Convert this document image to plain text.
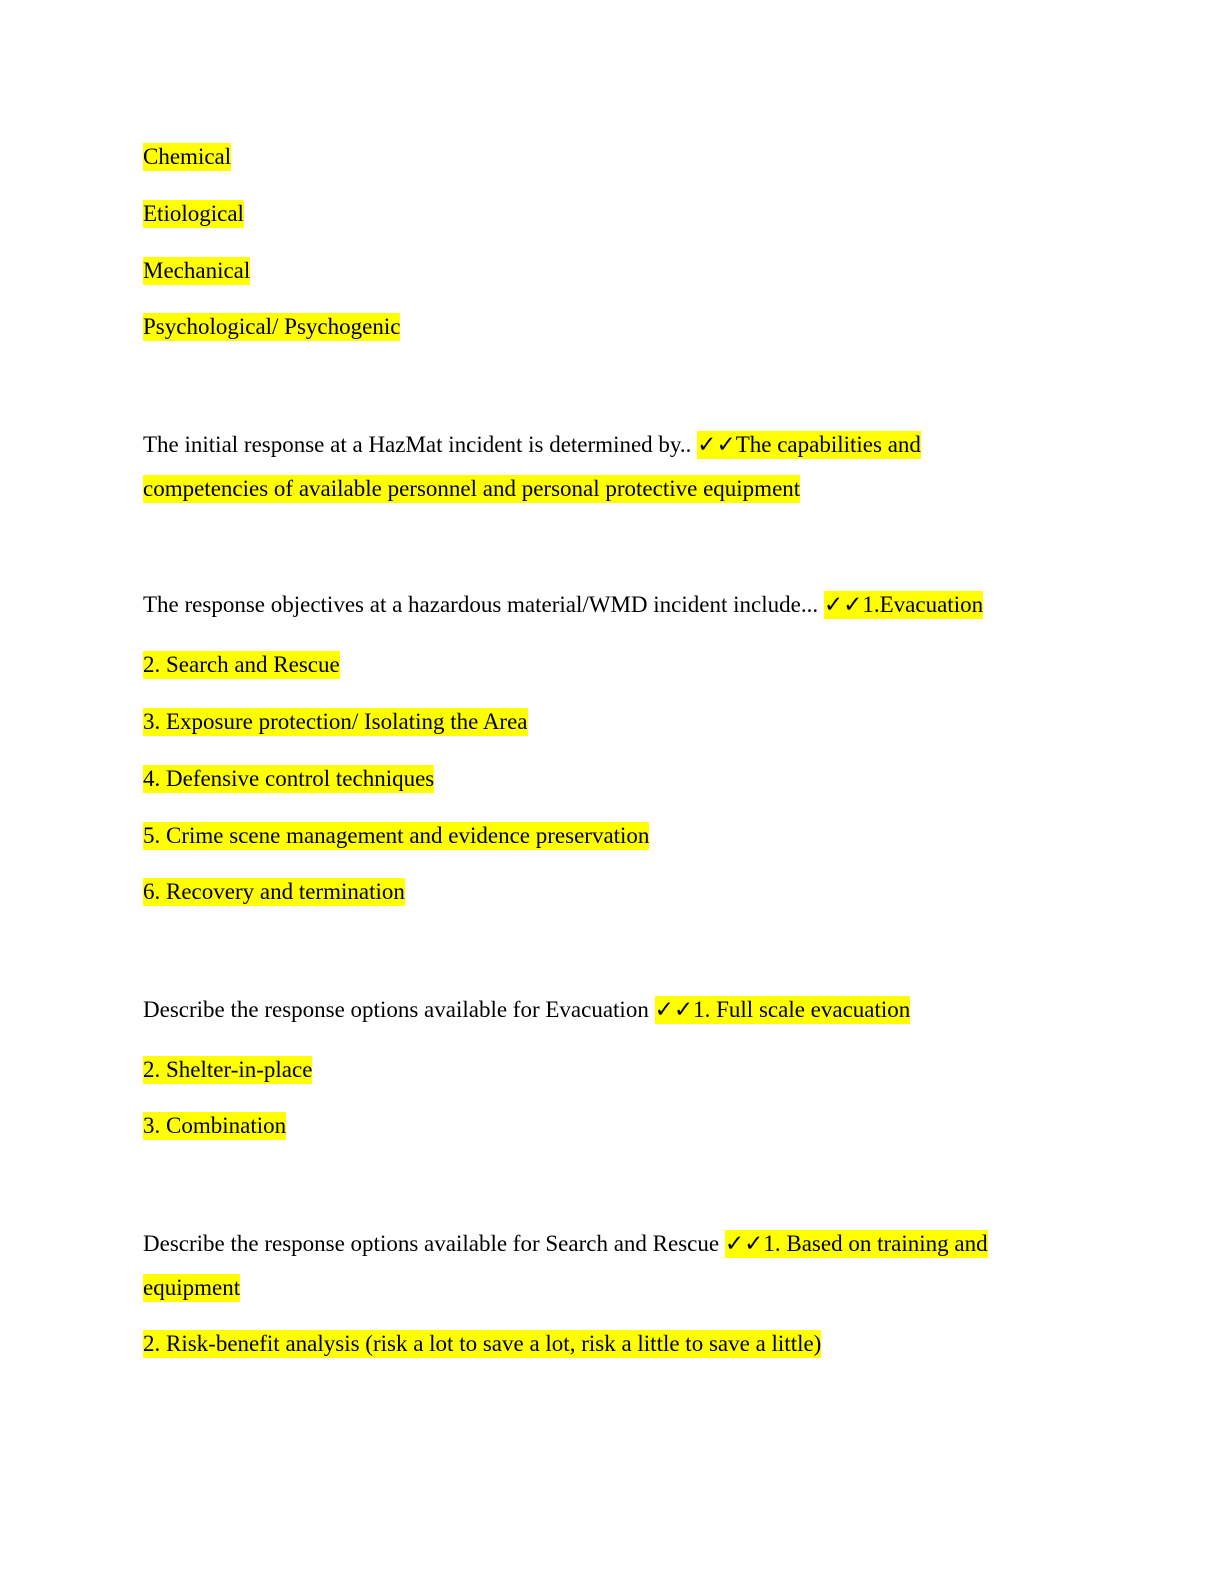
Chemical
Etiological
Mechanical
Psychological/ Psychogenic
The initial response at a HazMat incident is determined by.. ✓✓The capabilities and
competencies of available personnel and personal protective equipment
The response objectives at a hazardous material/WMD incident include... ✓✓1.Evacuation
2. Search and Rescue
3. Exposure protection/ Isolating the Area
4. Defensive control techniques
5. Crime scene management and evidence preservation
6. Recovery and termination
Describe the response options available for Evacuation ✓✓1. Full scale evacuation
2. Shelter-in-place
3. Combination
Describe the response options available for Search and Rescue ✓✓1. Based on training and
equipment
2. Risk-benefit analysis (risk a lot to save a lot, risk a little to save a little)
